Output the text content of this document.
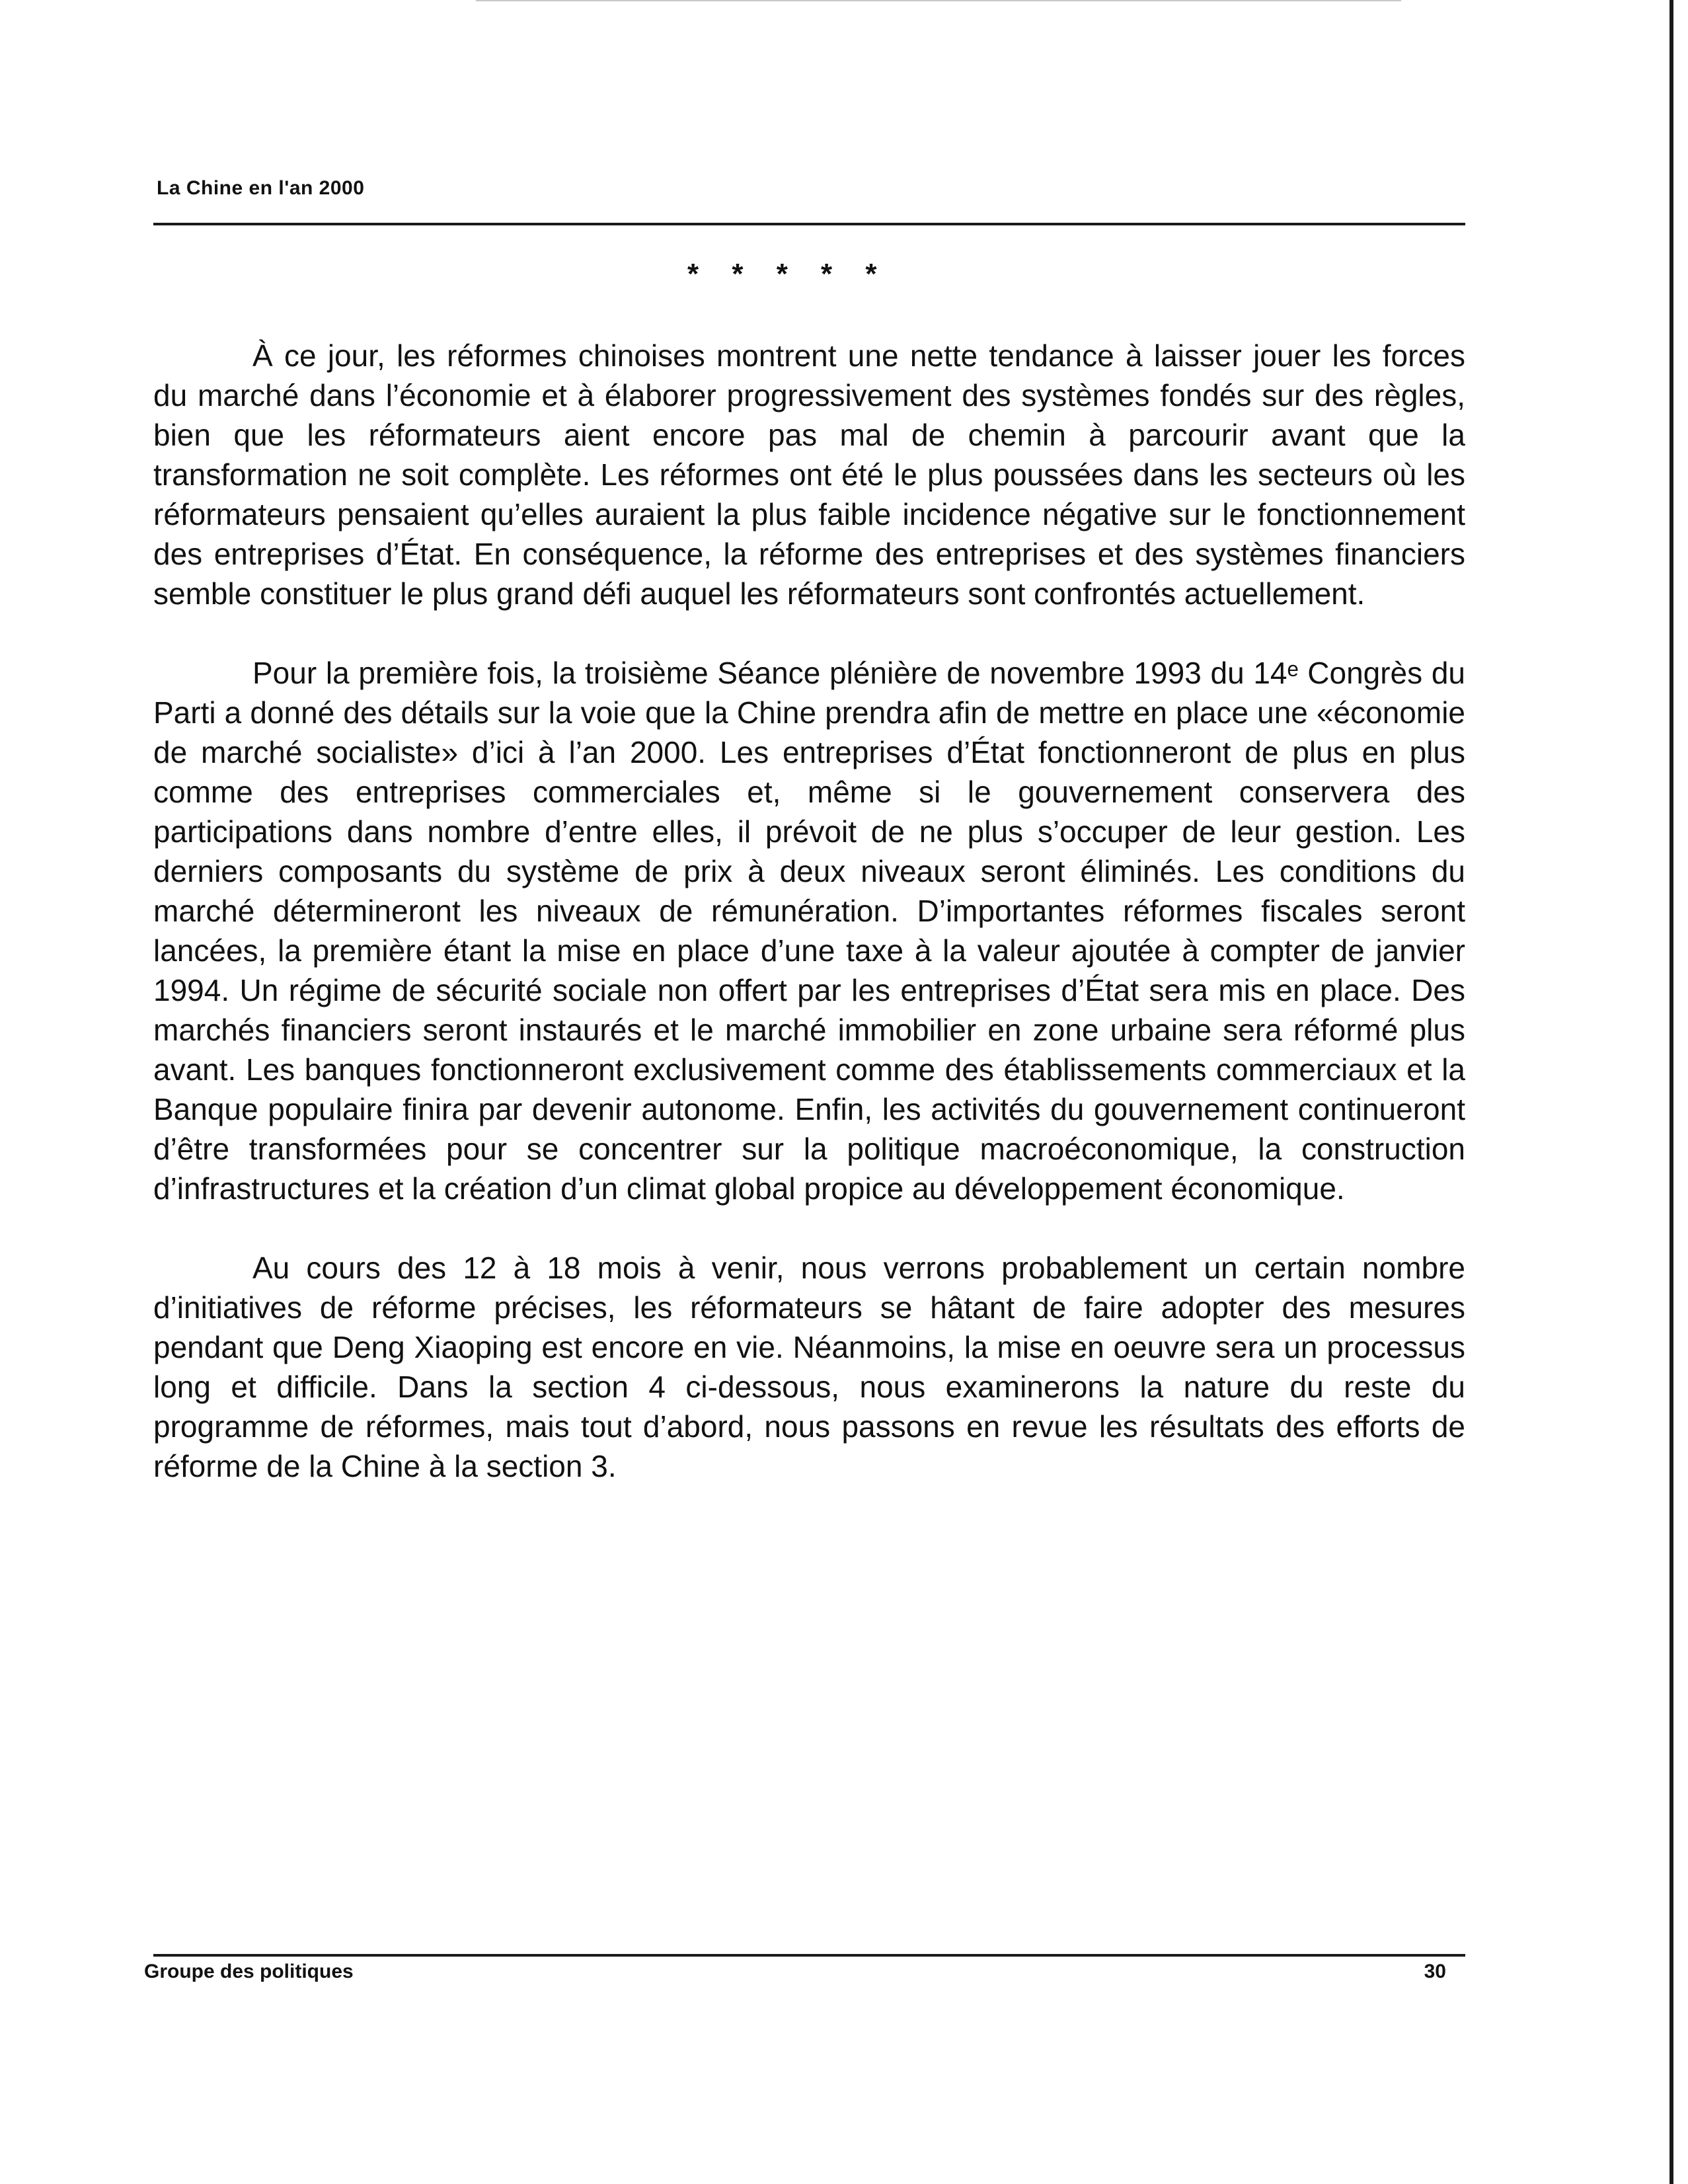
La Chine en l'an 2000
* * * * *

À ce jour, les réformes chinoises montrent une nette tendance à laisser jouer les forces du marché dans l’économie et à élaborer progressivement des systèmes fondés sur des règles, bien que les réformateurs aient encore pas mal de chemin à parcourir avant que la transformation ne soit complète. Les réformes ont été le plus poussées dans les secteurs où les réformateurs pensaient qu’elles auraient la plus faible incidence négative sur le fonctionnement des entreprises d’État. En conséquence, la réforme des entreprises et des systèmes financiers semble constituer le plus grand défi auquel les réformateurs sont confrontés actuellement.

Pour la première fois, la troisième Séance plénière de novembre 1993 du 14ᵉ Congrès du Parti a donné des détails sur la voie que la Chine prendra afin de mettre en place une «économie de marché socialiste» d’ici à l’an 2000. Les entreprises d’État fonctionneront de plus en plus comme des entreprises commerciales et, même si le gouvernement conservera des participations dans nombre d’entre elles, il prévoit de ne plus s’occuper de leur gestion. Les derniers composants du système de prix à deux niveaux seront éliminés. Les conditions du marché détermineront les niveaux de rémunération. D’importantes réformes fiscales seront lancées, la première étant la mise en place d’une taxe à la valeur ajoutée à compter de janvier 1994. Un régime de sécurité sociale non offert par les entreprises d’État sera mis en place. Des marchés financiers seront instaurés et le marché immobilier en zone urbaine sera réformé plus avant. Les banques fonctionneront exclusivement comme des établissements commerciaux et la Banque populaire finira par devenir autonome. Enfin, les activités du gouvernement continueront d’être transformées pour se concentrer sur la politique macroéconomique, la construction d’infrastructures et la création d’un climat global propice au développement économique.

Au cours des 12 à 18 mois à venir, nous verrons probablement un certain nombre d’initiatives de réforme précises, les réformateurs se hâtant de faire adopter des mesures pendant que Deng Xiaoping est encore en vie. Néanmoins, la mise en oeuvre sera un processus long et difficile. Dans la section 4 ci-dessous, nous examinerons la nature du reste du programme de réformes, mais tout d’abord, nous passons en revue les résultats des efforts de réforme de la Chine à la section 3.

Groupe des politiques	30
